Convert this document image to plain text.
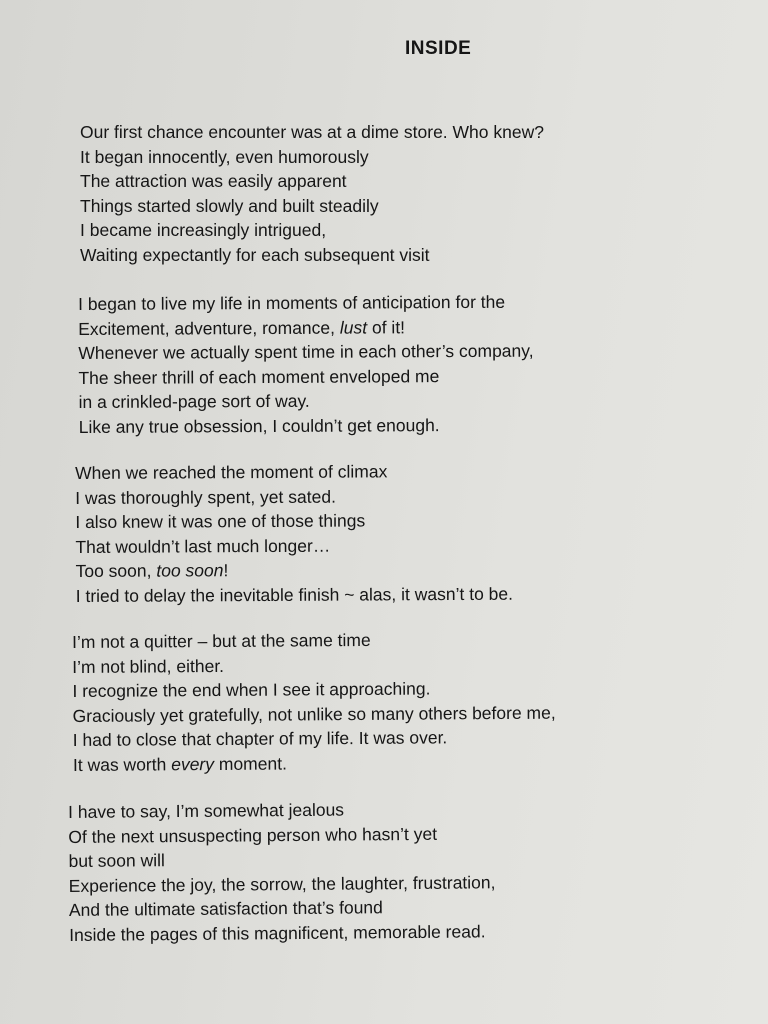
INSIDE
Our first chance encounter was at a dime store. Who knew?
It began innocently, even humorously
The attraction was easily apparent
Things started slowly and built steadily
I became increasingly intrigued,
Waiting expectantly for each subsequent visit
I began to live my life in moments of anticipation for the
Excitement, adventure, romance, lust of it!
Whenever we actually spent time in each other’s company,
The sheer thrill of each moment enveloped me
in a crinkled-page sort of way.
Like any true obsession, I couldn’t get enough.
When we reached the moment of climax
I was thoroughly spent, yet sated.
I also knew it was one of those things
That wouldn’t last much longer…
Too soon, too soon!
I tried to delay the inevitable finish ~ alas, it wasn’t to be.
I’m not a quitter – but at the same time
I’m not blind, either.
I recognize the end when I see it approaching.
Graciously yet gratefully, not unlike so many others before me,
I had to close that chapter of my life. It was over.
It was worth every moment.
I have to say, I’m somewhat jealous
Of the next unsuspecting person who hasn’t yet
but soon will
Experience the joy, the sorrow, the laughter, frustration,
And the ultimate satisfaction that’s found
Inside the pages of this magnificent, memorable read.
